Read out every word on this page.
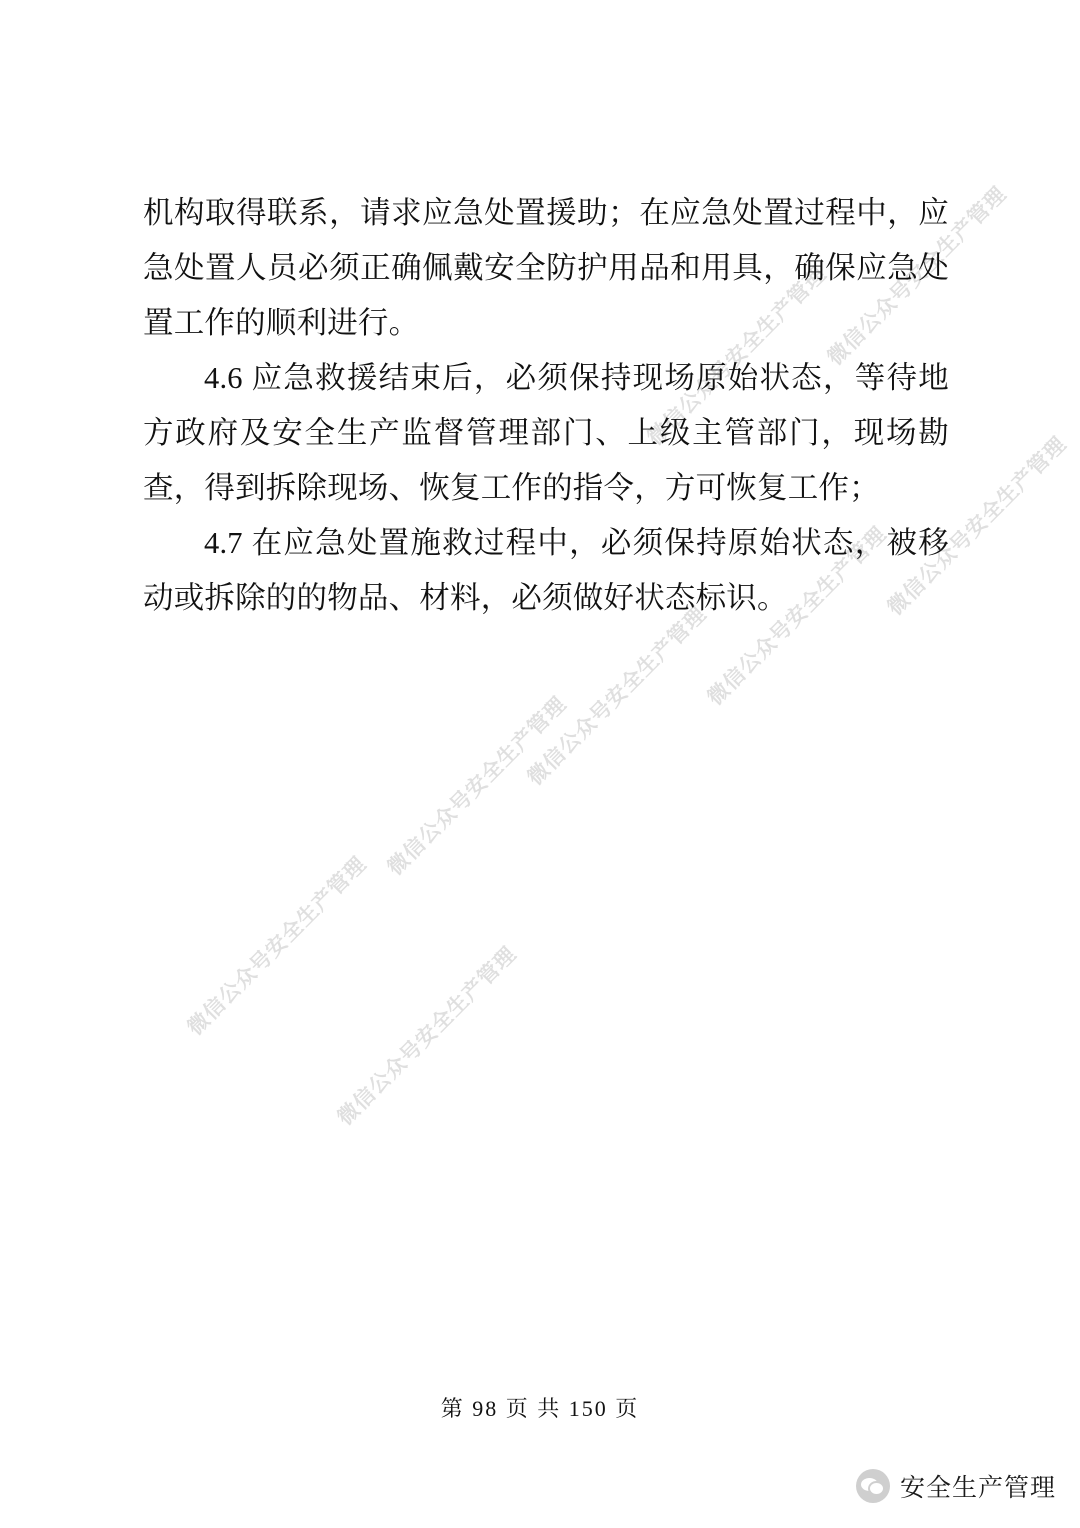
微信公众号安全生产管理
微信公众号安全生产管理
微信公众号安全生产管理
微信公众号安全生产管理
微信公众号安全生产管理
微信公众号安全生产管理
微信公众号安全生产管理
微信公众号安全生产管理

机构取得联系，请求应急处置援助；在应急处置过程中，应急处置人员必须正确佩戴安全防护用品和用具，确保应急处置工作的顺利进行。

4.6 应急救援结束后，必须保持现场原始状态，等待地方政府及安全生产监督管理部门、上级主管部门，现场勘查，得到拆除现场、恢复工作的指令，方可恢复工作；

4.7 在应急处置施救过程中，必须保持原始状态，被移动或拆除的的物品、材料，必须做好状态标识。

第 98 页 共 150 页
安全生产管理
